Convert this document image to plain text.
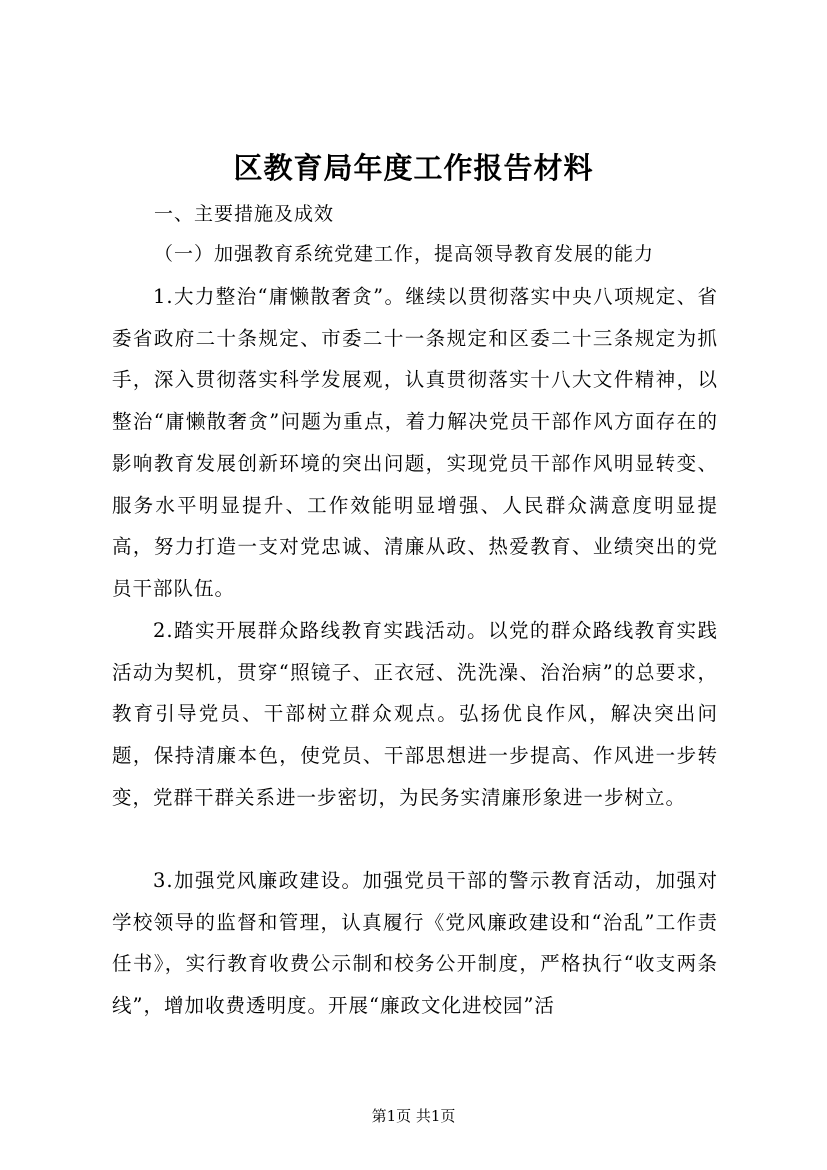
区教育局年度工作报告材料

一、主要措施及成效

（一）加强教育系统党建工作，提高领导教育发展的能力

1.大力整治“庸懒散奢贪”。继续以贯彻落实中央八项规定、省委省政府二十条规定、市委二十一条规定和区委二十三条规定为抓手，深入贯彻落实科学发展观，认真贯彻落实十八大文件精神，以整治“庸懒散奢贪”问题为重点，着力解决党员干部作风方面存在的影响教育发展创新环境的突出问题，实现党员干部作风明显转变、服务水平明显提升、工作效能明显增强、人民群众满意度明显提高，努力打造一支对党忠诚、清廉从政、热爱教育、业绩突出的党员干部队伍。

2.踏实开展群众路线教育实践活动。以党的群众路线教育实践活动为契机，贯穿“照镜子、正衣冠、洗洗澡、治治病”的总要求，教育引导党员、干部树立群众观点。弘扬优良作风，解决突出问题，保持清廉本色，使党员、干部思想进一步提高、作风进一步转变，党群干群关系进一步密切，为民务实清廉形象进一步树立。

3.加强党风廉政建设。加强党员干部的警示教育活动，加强对学校领导的监督和管理，认真履行《党风廉政建设和“治乱”工作责任书》，实行教育收费公示制和校务公开制度，严格执行“收支两条线”，增加收费透明度。开展“廉政文化进校园”活

第1页 共1页
